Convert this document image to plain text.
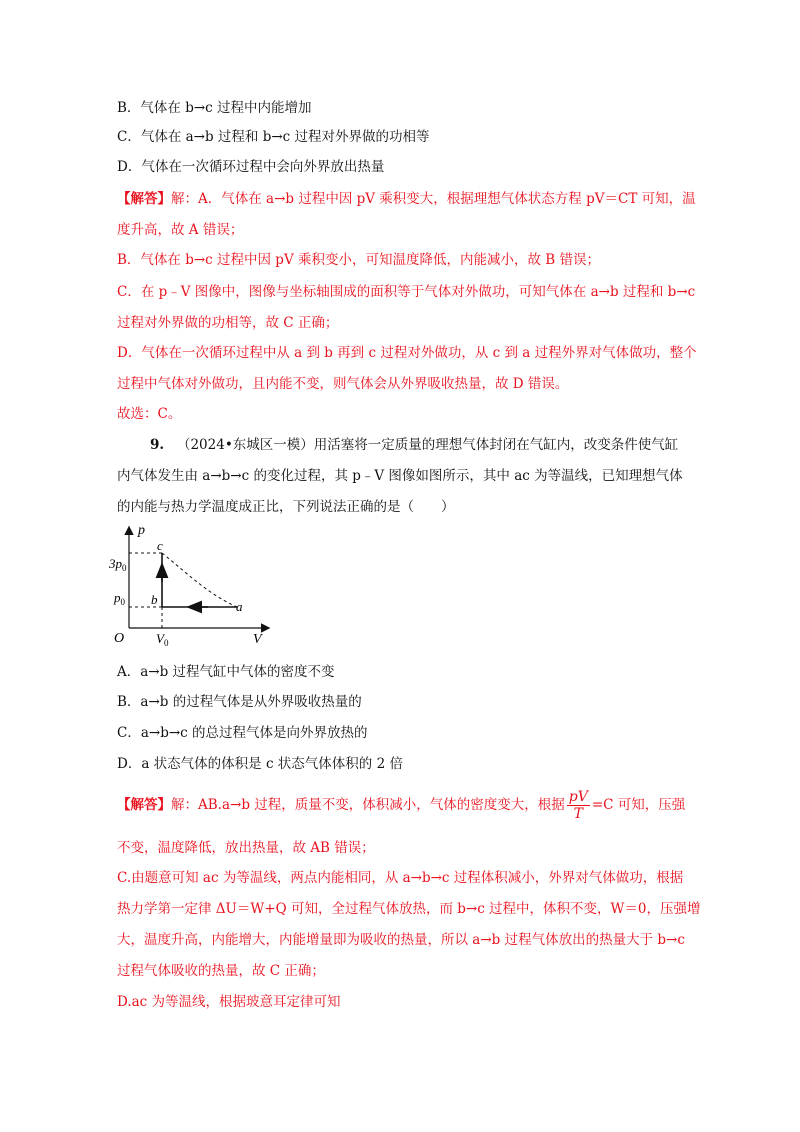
B．气体在 b→c 过程中内能增加
C．气体在 a→b 过程和 b→c 过程对外界做的功相等
D．气体在一次循环过程中会向外界放出热量
【解答】解：A．气体在 a→b 过程中因 pV 乘积变大，根据理想气体状态方程 pV＝CT 可知，温
度升高，故 A 错误；
B．气体在 b→c 过程中因 pV 乘积变小，可知温度降低，内能减小，故 B 错误；
C．在 p﹣V 图像中，图像与坐标轴围成的面积等于气体对外做功，可知气体在 a→b 过程和 b→c
过程对外界做的功相等，故 C 正确；
D．气体在一次循环过程中从 a 到 b 再到 c 过程对外做功，从 c 到 a 过程外界对气体做功，整个
过程中气体对外做功，且内能不变，则气体会从外界吸收热量，故 D 错误。
故选：C。
9. （2024•东城区一模）用活塞将一定质量的理想气体封闭在气缸内，改变条件使气缸
内气体发生由 a→b→c 的变化过程，其 p﹣V 图像如图所示，其中 ac 为等温线，已知理想气体
的内能与热力学温度成正比，下列说法正确的是（　　）
p
V
O
$3p_0$
$p_0$
$V_0$
a
b
c
A．a→b 过程气缸中气体的密度不变
B．a→b 的过程气体是从外界吸收热量的
C．a→b→c 的总过程气体是向外界放热的
D．a 状态气体的体积是 c 状态气体体积的 2 倍
【解答】解：AB.a→b 过程，质量不变，体积减小，气体的密度变大，根据 $\frac{pV}{T} =C$ 可知，压强
不变，温度降低，放出热量，故 AB 错误；
C.由题意可知 ac 为等温线，两点内能相同，从 a→b→c 过程体积减小，外界对气体做功，根据
热力学第一定律 ΔU＝W+Q 可知，全过程气体放热，而 b→c 过程中，体积不变，W＝0，压强增
大，温度升高，内能增大，内能增量即为吸收的热量，所以 a→b 过程气体放出的热量大于 b→c
过程气体吸收的热量，故 C 正确；
D.ac 为等温线，根据玻意耳定律可知
